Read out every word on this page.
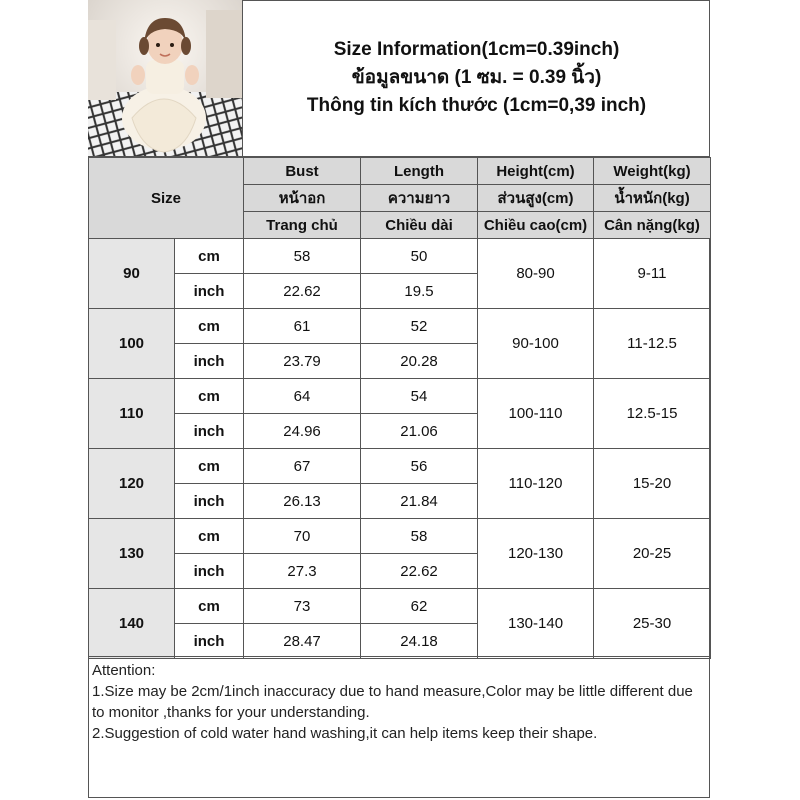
Size Information(1cm=0.39inch)
ข้อมูลขนาด (1 ซม. = 0.39 นิ้ว)
Thông tin kích thước (1cm=0,39 inch)
Size		Bust	Length	Height(cm)	Weight(kg)
		หน้าอก	ความยาว	ส่วนสูง(cm)	น้ำหนัก(kg)
		Trang chủ	Chiều dài	Chiều cao(cm)	Cân nặng(kg)
90	cm	58	50	80-90	9-11
	inch	22.62	19.5		
100	cm	61	52	90-100	11-12.5
	inch	23.79	20.28		
110	cm	64	54	100-110	12.5-15
	inch	24.96	21.06		
120	cm	67	56	110-120	15-20
	inch	26.13	21.84		
130	cm	70	58	120-130	20-25
	inch	27.3	22.62		
140	cm	73	62	130-140	25-30
	inch	28.47	24.18		
Attention:
1.Size may be 2cm/1inch inaccuracy due to hand measure,Color may be little different due to monitor ,thanks for your understanding.
2.Suggestion of cold water hand washing,it can help items keep their shape.
